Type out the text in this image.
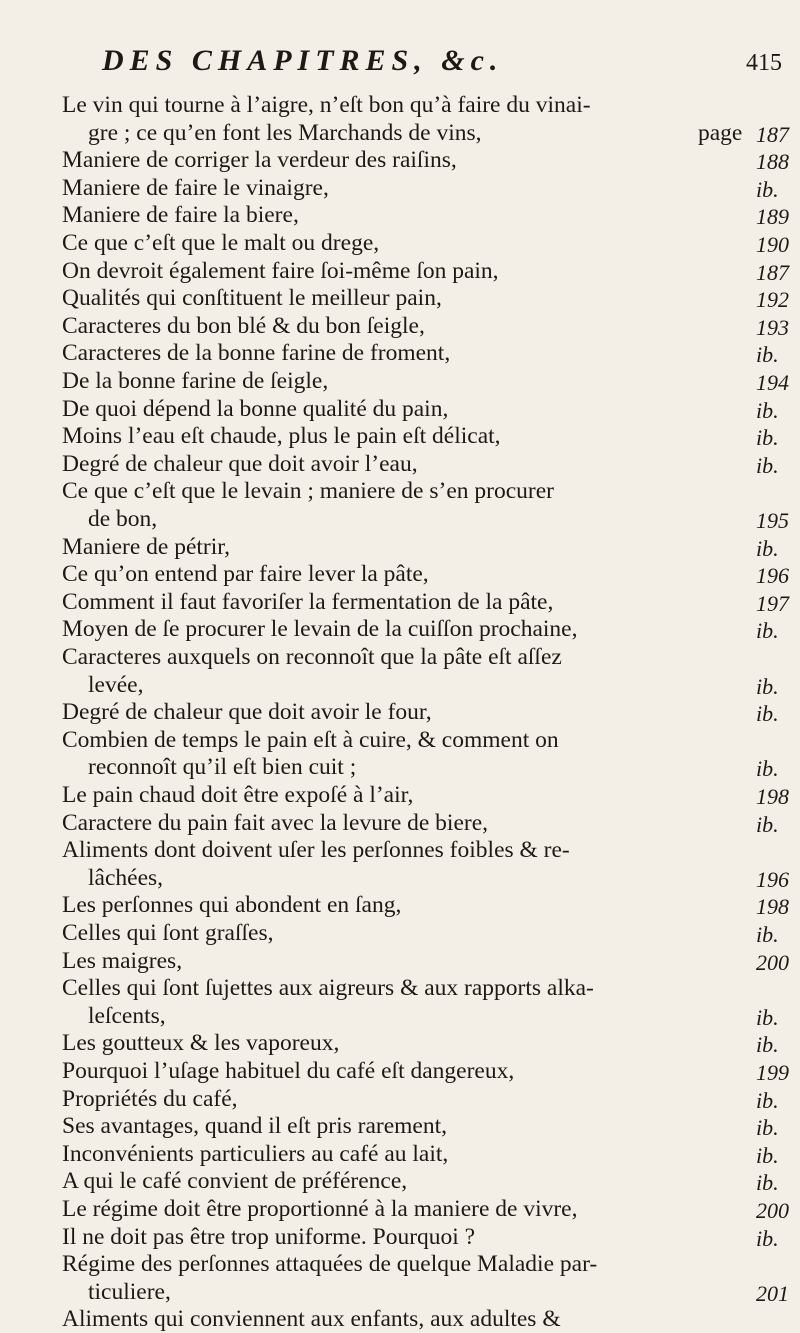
DES CHAPITRES, &c.	415
Le vin qui tourne à l’aigre, n’eſt bon qu’à faire du vinai-
gre ; ce qu’en font les Marchands de vins,	page 187
Maniere de corriger la verdeur des raiſins,	188
Maniere de faire le vinaigre,	ib.
Maniere de faire la biere,	189
Ce que c’eſt que le malt ou drege,	190
On devroit également faire ſoi-même ſon pain,	187
Qualités qui conſtituent le meilleur pain,	192
Caracteres du bon blé & du bon ſeigle,	193
Caracteres de la bonne farine de froment,	ib.
De la bonne farine de ſeigle,	194
De quoi dépend la bonne qualité du pain,	ib.
Moins l’eau eſt chaude, plus le pain eſt délicat,	ib.
Degré de chaleur que doit avoir l’eau,	ib.
Ce que c’eſt que le levain ; maniere de s’en procurer
de bon,	195
Maniere de pétrir,	ib.
Ce qu’on entend par faire lever la pâte,	196
Comment il faut favoriſer la fermentation de la pâte,	197
Moyen de ſe procurer le levain de la cuiſſon prochaine,	ib.
Caracteres auxquels on reconnoît que la pâte eſt aſſez
levée,	ib.
Degré de chaleur que doit avoir le four,	ib.
Combien de temps le pain eſt à cuire, & comment on
reconnoît qu’il eſt bien cuit ;	ib.
Le pain chaud doit être expoſé à l’air,	198
Caractere du pain fait avec la levure de biere,	ib.
Aliments dont doivent uſer les perſonnes foibles & re-
lâchées,	196
Les perſonnes qui abondent en ſang,	198
Celles qui ſont graſſes,	ib.
Les maigres,	200
Celles qui ſont ſujettes aux aigreurs & aux rapports alka-
leſcents,	ib.
Les goutteux & les vaporeux,	ib.
Pourquoi l’uſage habituel du café eſt dangereux,	199
Propriétés du café,	ib.
Ses avantages, quand il eſt pris rarement,	ib.
Inconvénients particuliers au café au lait,	ib.
A qui le café convient de préférence,	ib.
Le régime doit être proportionné à la maniere de vivre,	200
Il ne doit pas être trop uniforme. Pourquoi ?	ib.
Régime des perſonnes attaquées de quelque Maladie par-
ticuliere,	201
Aliments qui conviennent aux enfants, aux adultes &
